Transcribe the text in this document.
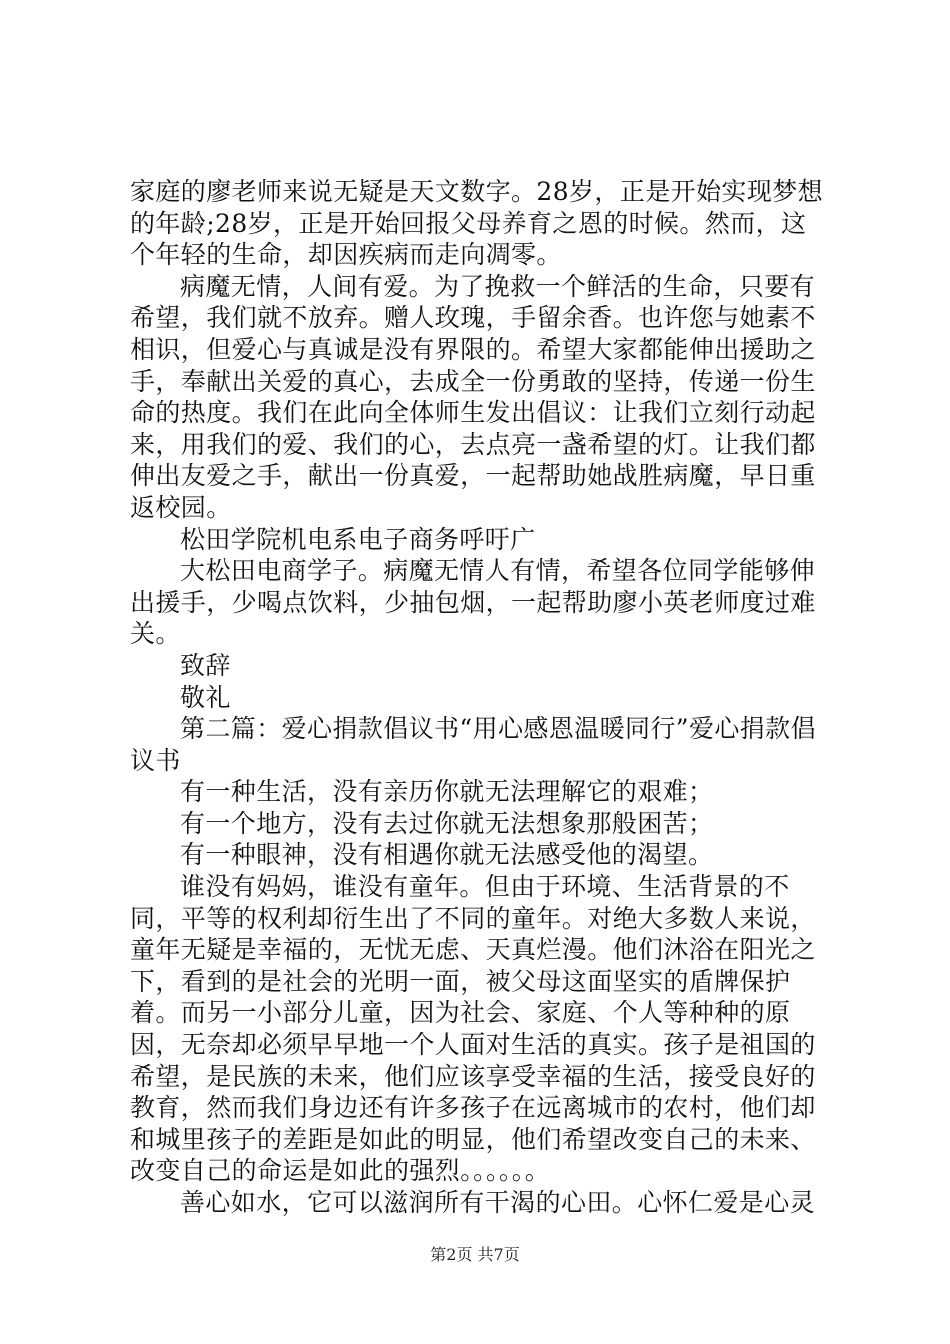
家庭的廖老师来说无疑是天文数字。28岁，正是开始实现梦想的年龄;28岁，正是开始回报父母养育之恩的时候。然而，这个年轻的生命，却因疾病而走向凋零。

病魔无情，人间有爱。为了挽救一个鲜活的生命，只要有希望，我们就不放弃。赠人玫瑰，手留余香。也许您与她素不相识，但爱心与真诚是没有界限的。希望大家都能伸出援助之手，奉献出关爱的真心，去成全一份勇敢的坚持，传递一份生命的热度。我们在此向全体师生发出倡议：让我们立刻行动起来，用我们的爱、我们的心，去点亮一盏希望的灯。让我们都伸出友爱之手，献出一份真爱，一起帮助她战胜病魔，早日重返校园。

松田学院机电系电子商务呼吁广

大松田电商学子。病魔无情人有情，希望各位同学能够伸出援手，少喝点饮料，少抽包烟，一起帮助廖小英老师度过难关。

致辞

敬礼

第二篇：爱心捐款倡议书“用心感恩温暖同行”爱心捐款倡议书

有一种生活，没有亲历你就无法理解它的艰难；

有一个地方，没有去过你就无法想象那般困苦；

有一种眼神，没有相遇你就无法感受他的渴望。

谁没有妈妈，谁没有童年。但由于环境、生活背景的不同，平等的权利却衍生出了不同的童年。对绝大多数人来说，童年无疑是幸福的，无忧无虑、天真烂漫。他们沐浴在阳光之下，看到的是社会的光明一面，被父母这面坚实的盾牌保护着。而另一小部分儿童，因为社会、家庭、个人等种种的原因，无奈却必须早早地一个人面对生活的真实。孩子是祖国的希望，是民族的未来，他们应该享受幸福的生活，接受良好的教育，然而我们身边还有许多孩子在远离城市的农村，他们却和城里孩子的差距是如此的明显，他们希望改变自己的未来、改变自己的命运是如此的强烈。。。。。。

善心如水，它可以滋润所有干渴的心田。心怀仁爱是心灵

第2页 共7页
